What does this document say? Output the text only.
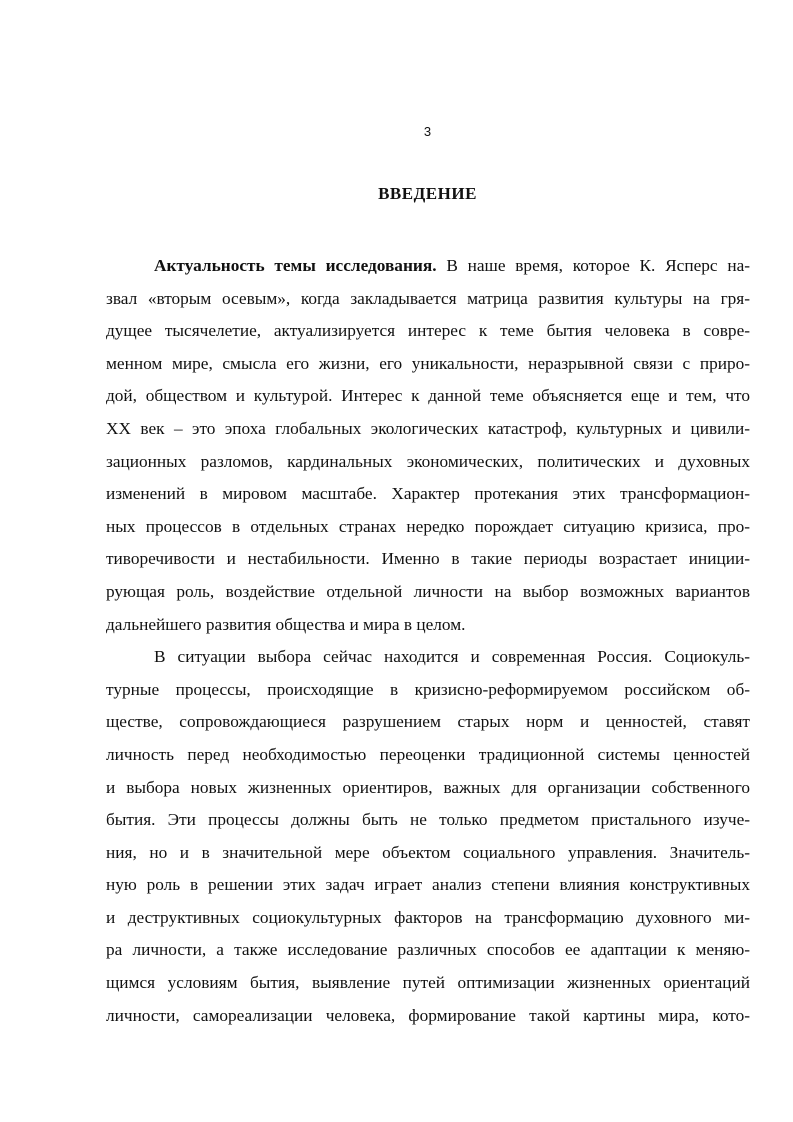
3
ВВЕДЕНИЕ
Актуальность темы исследования. В наше время, которое К. Ясперс на-
звал «вторым осевым», когда закладывается матрица развития культуры на гря-
дущее тысячелетие, актуализируется интерес к теме бытия человека в совре-
менном мире, смысла его жизни, его уникальности, неразрывной связи с приро-
дой, обществом и культурой. Интерес к данной теме объясняется еще и тем, что
XX век – это эпоха глобальных экологических катастроф, культурных и цивили-
зационных разломов, кардинальных экономических, политических и духовных
изменений в мировом масштабе. Характер протекания этих трансформацион-
ных процессов в отдельных странах нередко порождает ситуацию кризиса, про-
тиворечивости и нестабильности. Именно в такие периоды возрастает иниции-
рующая роль, воздействие отдельной личности на выбор возможных вариантов
дальнейшего развития общества и мира в целом.
В ситуации выбора сейчас находится и современная Россия. Социокуль-
турные процессы, происходящие в кризисно-реформируемом российском об-
ществе, сопровождающиеся разрушением старых норм и ценностей, ставят
личность перед необходимостью переоценки традиционной системы ценностей
и выбора новых жизненных ориентиров, важных для организации собственного
бытия. Эти процессы должны быть не только предметом пристального изуче-
ния, но и в значительной мере объектом социального управления. Значитель-
ную роль в решении этих задач играет анализ степени влияния конструктивных
и деструктивных социокультурных факторов на трансформацию духовного ми-
ра личности, а также исследование различных способов ее адаптации к меняю-
щимся условиям бытия, выявление путей оптимизации жизненных ориентаций
личности, самореализации человека, формирование такой картины мира, кото-
